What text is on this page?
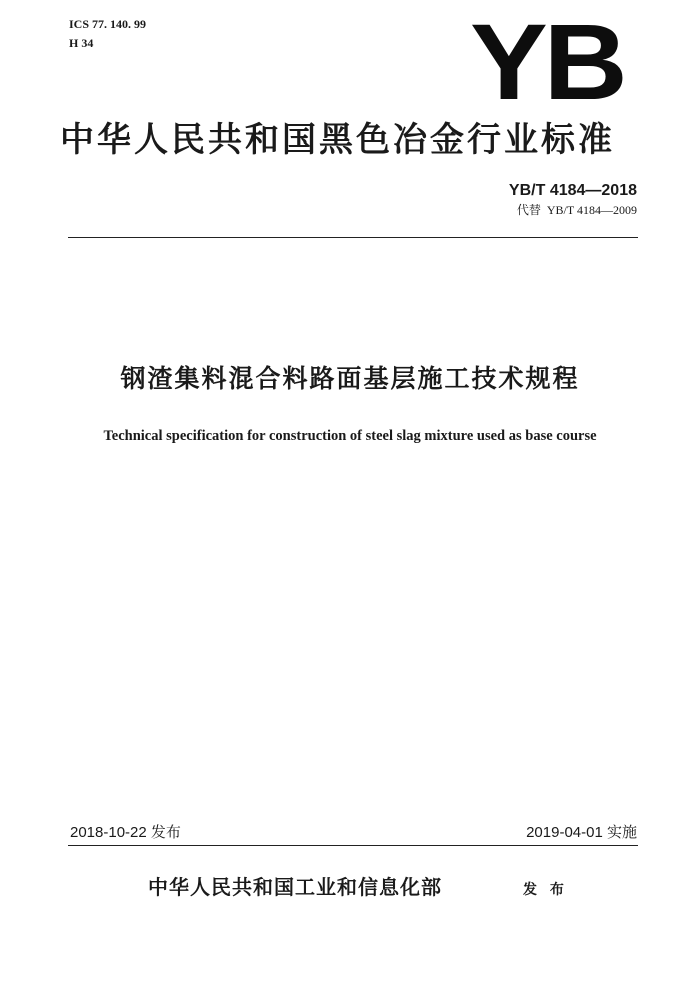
ICS 77. 140. 99
H 34	YB
中华人民共和国黑色冶金行业标准
YB/T 4184—2018
代替 YB/T 4184—2009
钢渣集料混合料路面基层施工技术规程
Technical specification for construction of steel slag mixture used as base course
2018-10-22 发布	2019-04-01 实施
中华人民共和国工业和信息化部	发 布
